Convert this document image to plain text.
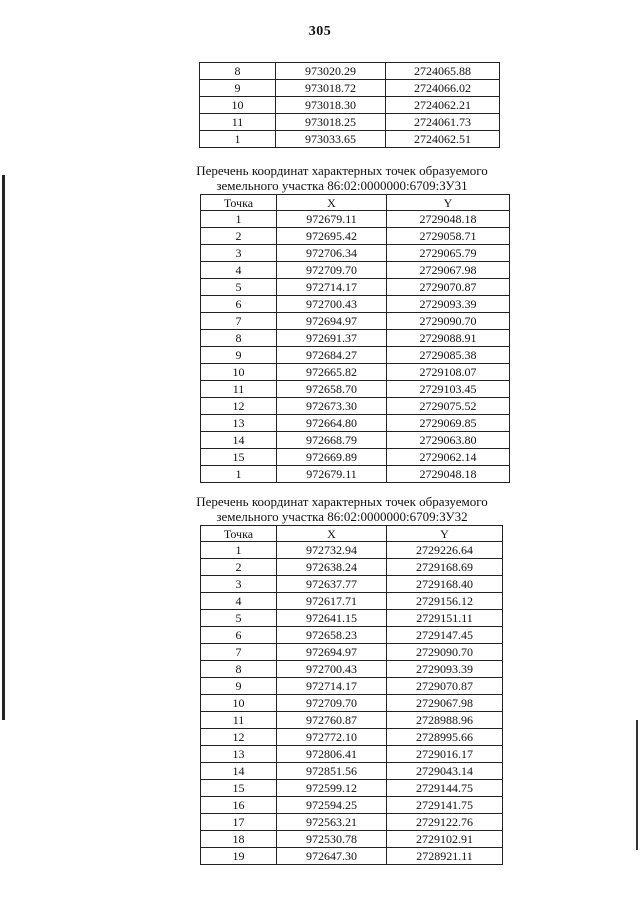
305
8	973020.29	2724065.88
9	973018.72	2724066.02
10	973018.30	2724062.21
11	973018.25	2724061.73
1	973033.65	2724062.51
Перечень координат характерных точек образуемого
земельного участка 86:02:0000000:6709:ЗУ31
Точка	X	Y
1	972679.11	2729048.18
2	972695.42	2729058.71
3	972706.34	2729065.79
4	972709.70	2729067.98
5	972714.17	2729070.87
6	972700.43	2729093.39
7	972694.97	2729090.70
8	972691.37	2729088.91
9	972684.27	2729085.38
10	972665.82	2729108.07
11	972658.70	2729103.45
12	972673.30	2729075.52
13	972664.80	2729069.85
14	972668.79	2729063.80
15	972669.89	2729062.14
1	972679.11	2729048.18
Перечень координат характерных точек образуемого
земельного участка 86:02:0000000:6709:ЗУ32
Точка	X	Y
1	972732.94	2729226.64
2	972638.24	2729168.69
3	972637.77	2729168.40
4	972617.71	2729156.12
5	972641.15	2729151.11
6	972658.23	2729147.45
7	972694.97	2729090.70
8	972700.43	2729093.39
9	972714.17	2729070.87
10	972709.70	2729067.98
11	972760.87	2728988.96
12	972772.10	2728995.66
13	972806.41	2729016.17
14	972851.56	2729043.14
15	972599.12	2729144.75
16	972594.25	2729141.75
17	972563.21	2729122.76
18	972530.78	2729102.91
19	972647.30	2728921.11
